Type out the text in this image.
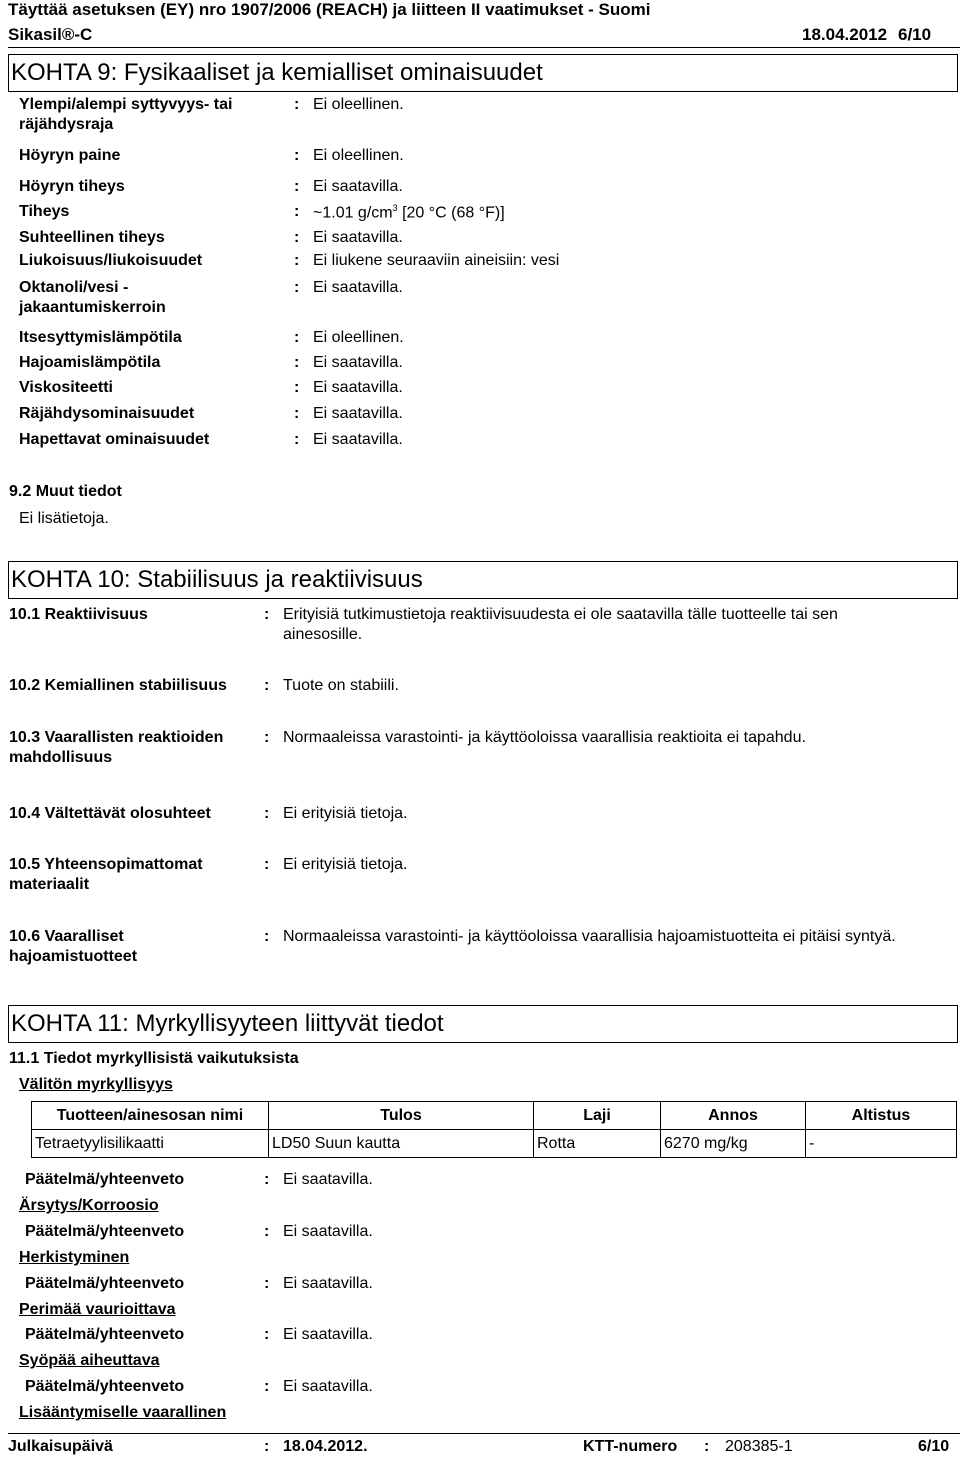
Täyttää asetuksen (EY) nro 1907/2006 (REACH) ja liitteen II vaatimukset - Suomi
Sikasil®-C	18.04.2012 6/10
KOHTA 9: Fysikaaliset ja kemialliset ominaisuudet
Ylempi/alempi syttyvyys- tai
räjähdysraja
: Ei oleellinen.
Höyryn paine	: Ei oleellinen.
Höyryn tiheys	: Ei saatavilla.
Tiheys	: ~1.01 $g/cm^3$ [20 °C (68 °F)]
Suhteellinen tiheys	: Ei saatavilla.
Liukoisuus/liukoisuudet	: Ei liukene seuraaviin aineisiin: vesi
Oktanoli/vesi -
jakaantumiskerroin
: Ei saatavilla.
Itsesyttymislämpötila	: Ei oleellinen.
Hajoamislämpötila	: Ei saatavilla.
Viskositeetti	: Ei saatavilla.
Räjähdysominaisuudet	: Ei saatavilla.
Hapettavat ominaisuudet	: Ei saatavilla.
9.2 Muut tiedot
Ei lisätietoja.
KOHTA 10: Stabiilisuus ja reaktiivisuus
10.1 Reaktiivisuus	: Erityisiä tutkimustietoja reaktiivisuudesta ei ole saatavilla tälle tuotteelle tai sen
ainesosille.
10.2 Kemiallinen stabiilisuus : Tuote on stabiili.
10.3 Vaarallisten reaktioiden
mahdollisuus
: Normaaleissa varastointi- ja käyttöoloissa vaarallisia reaktioita ei tapahdu.
10.4 Vältettävät olosuhteet	: Ei erityisiä tietoja.
10.5 Yhteensopimattomat
materiaalit
: Ei erityisiä tietoja.
10.6 Vaaralliset
hajoamistuotteet
: Normaaleissa varastointi- ja käyttöoloissa vaarallisia hajoamistuotteita ei pitäisi syntyä.
KOHTA 11: Myrkyllisyyteen liittyvät tiedot
11.1 Tiedot myrkyllisistä vaikutuksista
Välitön myrkyllisyys
Tuotteen/ainesosan nimi	Tulos	Laji	Annos	Altistus
Tetraetyylisilikaatti	LD50 Suun kautta	Rotta	6270 mg/kg	-
Päätelmä/yhteenveto	: Ei saatavilla.
Päätelmä/yhteenveto	: Ei saatavilla.
Päätelmä/yhteenveto	: Ei saatavilla.
Päätelmä/yhteenveto	: Ei saatavilla.
Päätelmä/yhteenveto	: Ei saatavilla.
Ärsytys/Korroosio
Herkistyminen
Perimää vaurioittava
Syöpää aiheuttava
Lisääntymiselle vaarallinen
Julkaisupäivä	: 18.04.2012.	KTT-numero : 208385-1	6/10
